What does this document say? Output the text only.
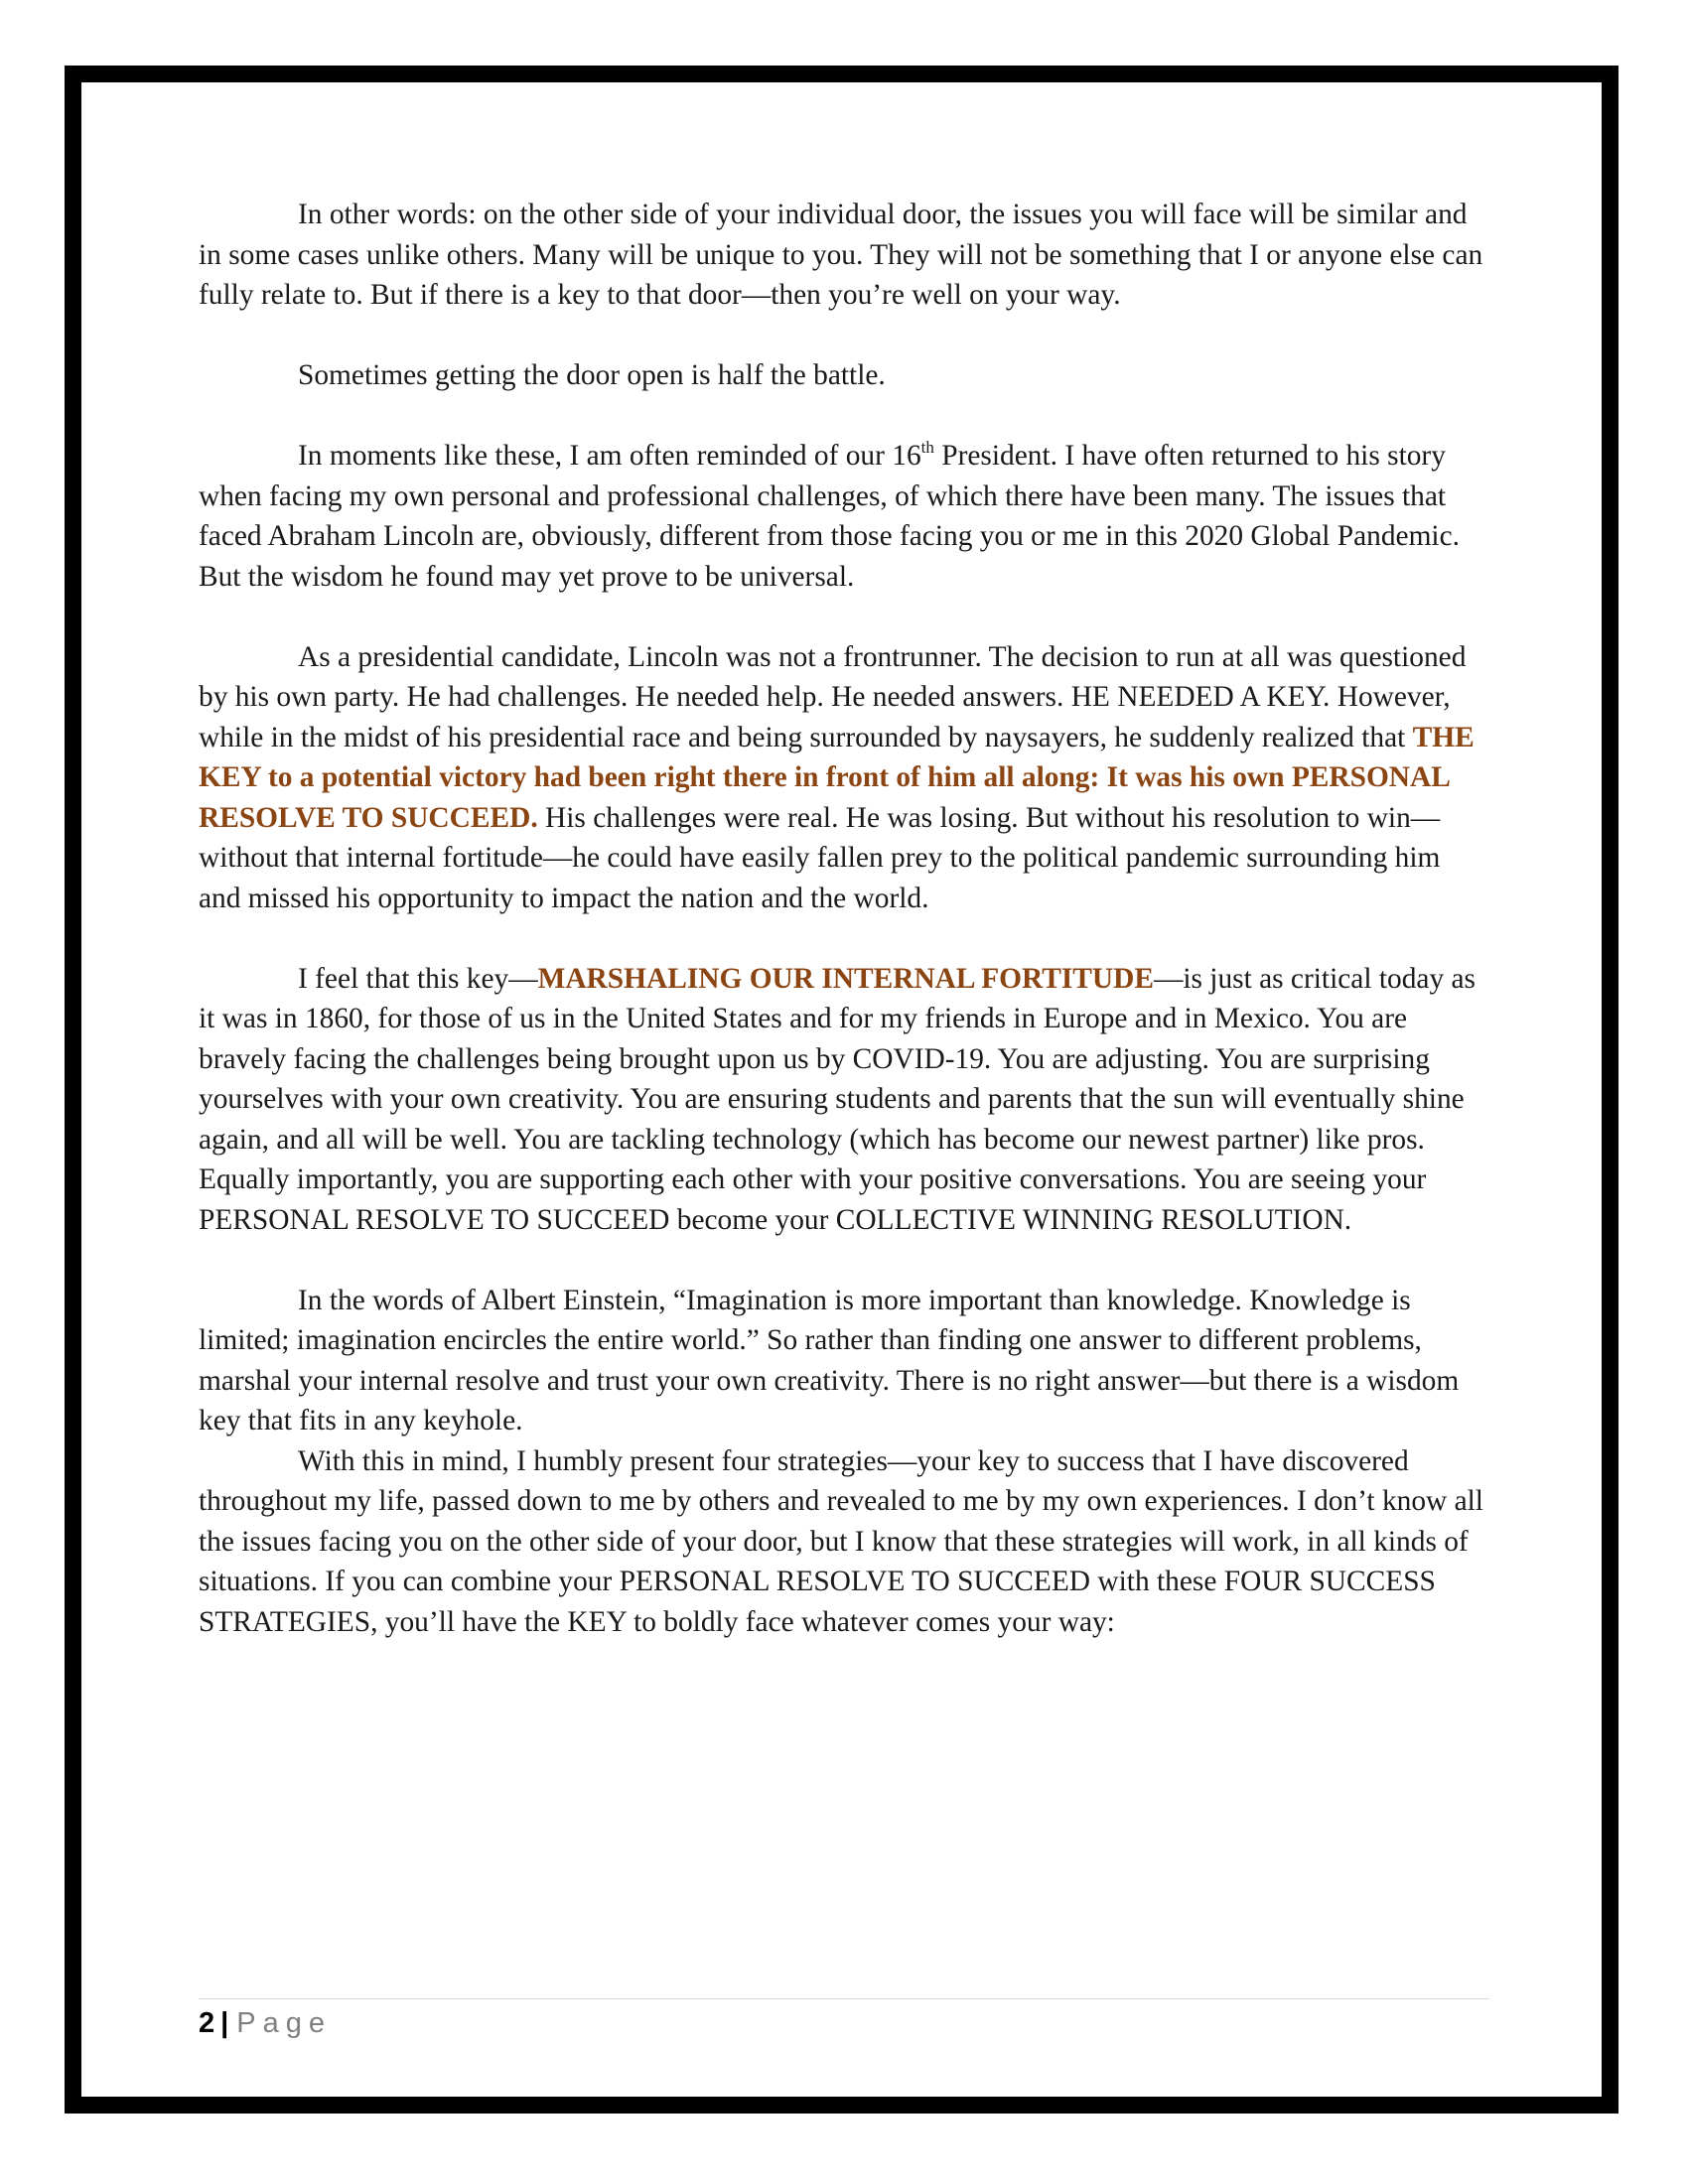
In other words: on the other side of your individual door, the issues you will face will be similar and in some cases unlike others. Many will be unique to you. They will not be something that I or anyone else can fully relate to. But if there is a key to that door—then you’re well on your way.

Sometimes getting the door open is half the battle.

In moments like these, I am often reminded of our 16th President. I have often returned to his story when facing my own personal and professional challenges, of which there have been many. The issues that faced Abraham Lincoln are, obviously, different from those facing you or me in this 2020 Global Pandemic. But the wisdom he found may yet prove to be universal.

As a presidential candidate, Lincoln was not a frontrunner. The decision to run at all was questioned by his own party. He had challenges. He needed help. He needed answers. HE NEEDED A KEY. However, while in the midst of his presidential race and being surrounded by naysayers, he suddenly realized that THE KEY to a potential victory had been right there in front of him all along: It was his own PERSONAL RESOLVE TO SUCCEED. His challenges were real. He was losing. But without his resolution to win—without that internal fortitude—he could have easily fallen prey to the political pandemic surrounding him and missed his opportunity to impact the nation and the world.

I feel that this key—MARSHALING OUR INTERNAL FORTITUDE—is just as critical today as it was in 1860, for those of us in the United States and for my friends in Europe and in Mexico. You are bravely facing the challenges being brought upon us by COVID-19. You are adjusting. You are surprising yourselves with your own creativity. You are ensuring students and parents that the sun will eventually shine again, and all will be well. You are tackling technology (which has become our newest partner) like pros. Equally importantly, you are supporting each other with your positive conversations. You are seeing your PERSONAL RESOLVE TO SUCCEED become your COLLECTIVE WINNING RESOLUTION.

In the words of Albert Einstein, “Imagination is more important than knowledge. Knowledge is limited; imagination encircles the entire world.” So rather than finding one answer to different problems, marshal your internal resolve and trust your own creativity. There is no right answer—but there is a wisdom key that fits in any keyhole.

With this in mind, I humbly present four strategies—your key to success that I have discovered throughout my life, passed down to me by others and revealed to me by my own experiences. I don’t know all the issues facing you on the other side of your door, but I know that these strategies will work, in all kinds of situations. If you can combine your PERSONAL RESOLVE TO SUCCEED with these FOUR SUCCESS STRATEGIES, you’ll have the KEY to boldly face whatever comes your way:

2 | Page
